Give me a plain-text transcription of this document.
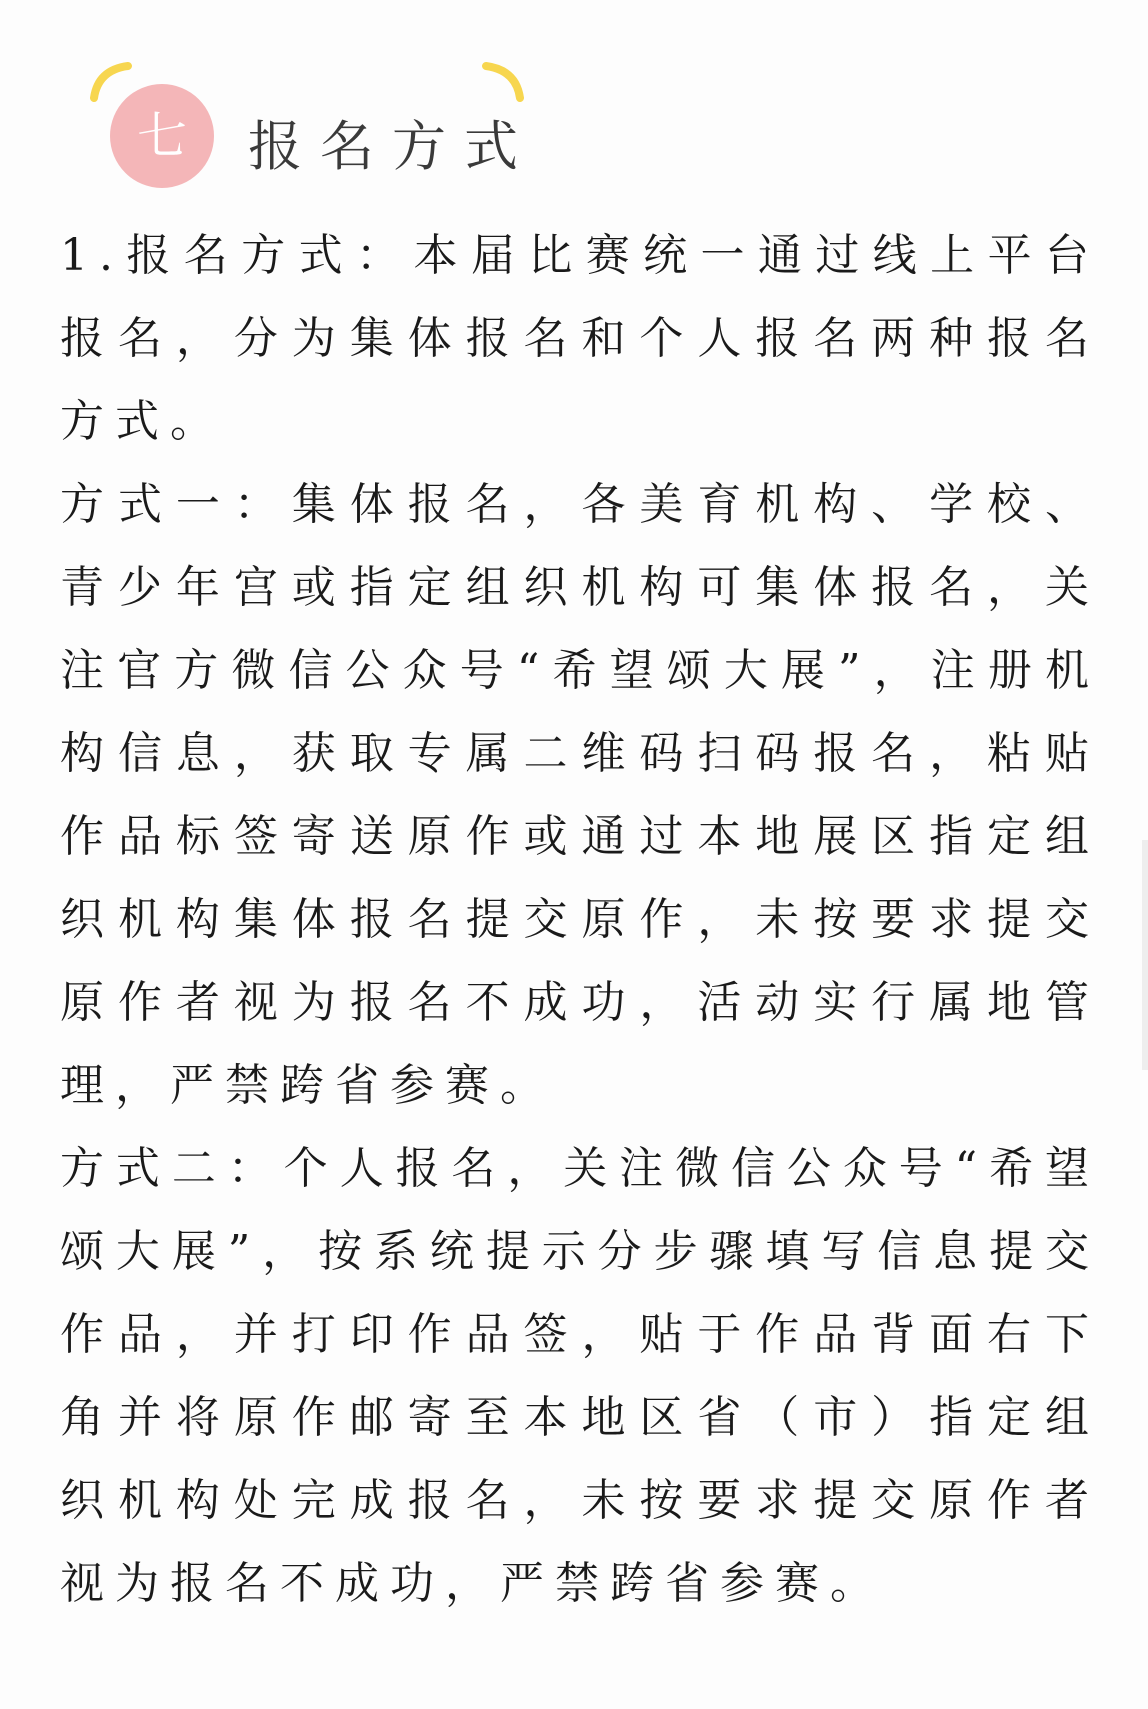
七 报名方式

1.报名方式：本届比赛统一通过线上平台报名，分为集体报名和个人报名两种报名方式。

方式一：集体报名，各美育机构、学校、青少年宫或指定组织机构可集体报名，关注官方微信公众号“希望颂大展”，注册机构信息，获取专属二维码扫码报名，粘贴作品标签寄送原作或通过本地展区指定组织机构集体报名提交原作，未按要求提交原作者视为报名不成功，活动实行属地管理，严禁跨省参赛。

方式二：个人报名，关注微信公众号“希望颂大展”，按系统提示分步骤填写信息提交作品，并打印作品签，贴于作品背面右下角并将原作邮寄至本地区省（市）指定组织机构处完成报名，未按要求提交原作者视为报名不成功，严禁跨省参赛。
